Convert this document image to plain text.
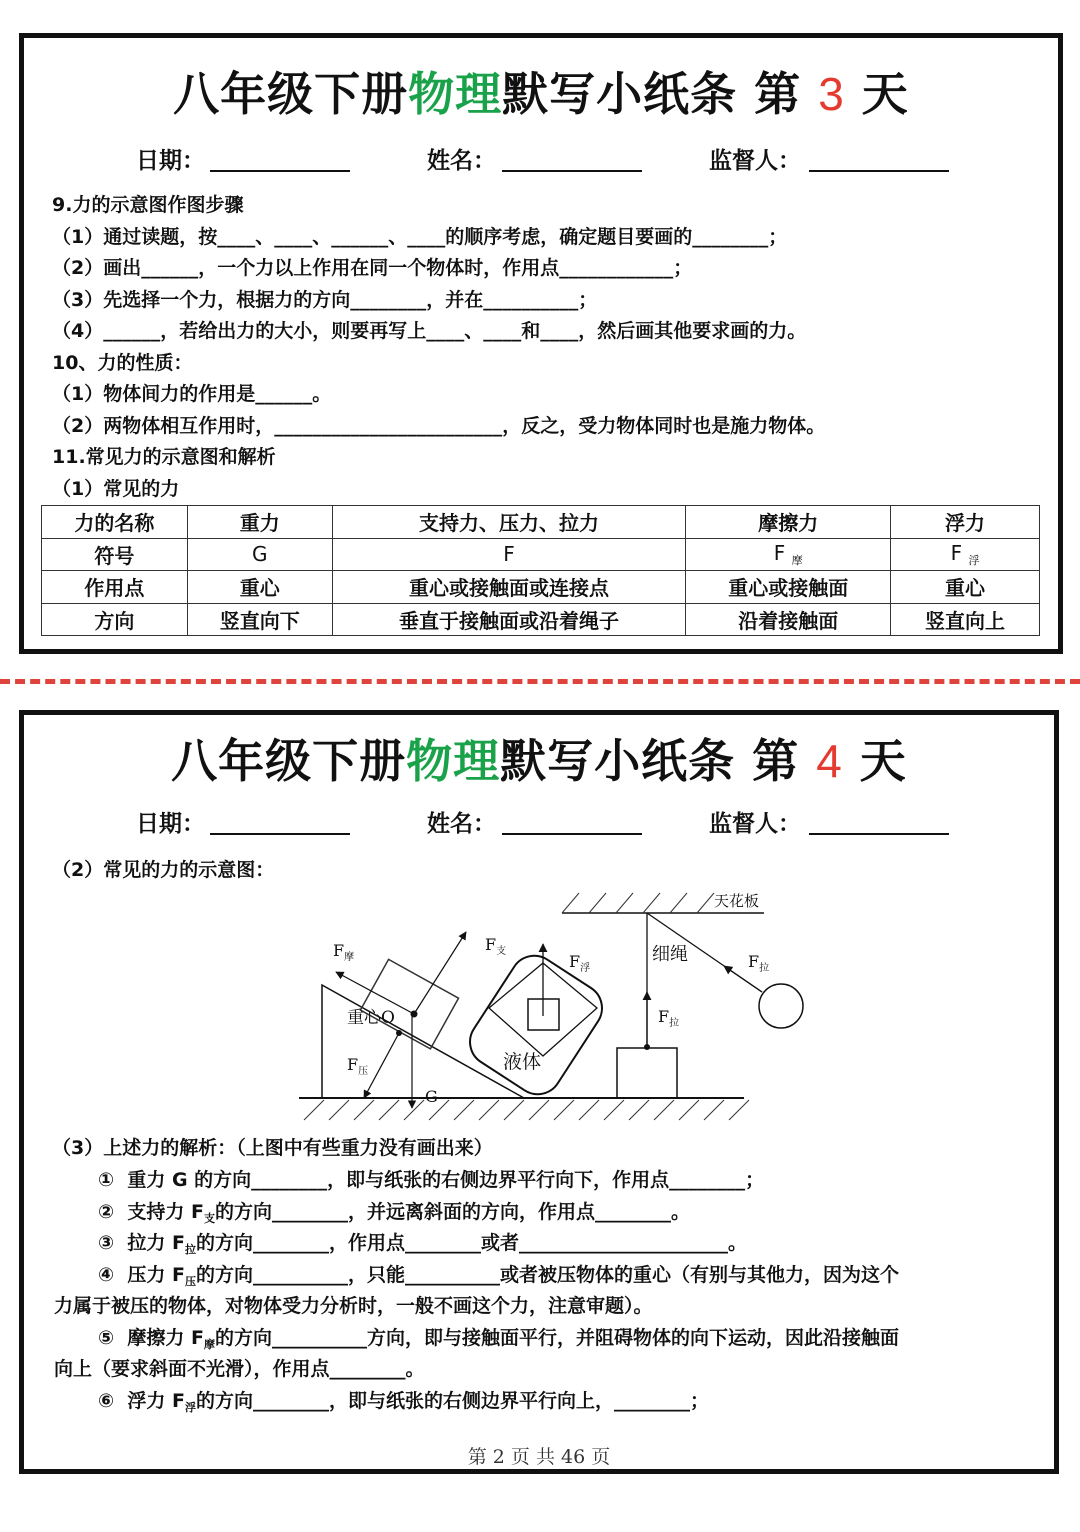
八年级下册物理默写小纸条 第 3 天
日期：	姓名：	监督人：
9.力的示意图作图步骤
（1）通过读题，按____、____、______、____的顺序考虑，确定题目要画的________；
（2）画出______，一个力以上作用在同一个物体时，作用点____________；
（3）先选择一个力，根据力的方向________，并在__________；
（4）______，若给出力的大小，则要再写上____、____和____，然后画其他要求画的力。
10、力的性质：
（1）物体间力的作用是______。
（2）两物体相互作用时，________________________，反之，受力物体同时也是施力物体。
11.常见力的示意图和解析
（1）常见的力
力的名称	重力	支持力、压力、拉力	摩擦力	浮力
符号	G	F	F $_摩$	F $_浮$
作用点	重心	重心或接触面或连接点	重心或接触面	重心
方向	竖直向下	垂直于接触面或沿着绳子	沿着接触面	竖直向上
八年级下册物理默写小纸条 第 4 天
日期：	姓名：	监督人：
（2）常见的力的示意图：
天花板
重心O
$F_摩$
$F_支$
G
$F_压$	液体
$F_浮$
细绳
$F_拉$
$F_拉$
（3）上述力的解析：（上图中有些重力没有画出来）
① 重力 G 的方向________，即与纸张的右侧边界平行向下，作用点________；
② 支持力 $F_支$的方向________，并远离斜面的方向，作用点________。
③ 拉力 $F_拉$的方向________，作用点________或者______________________。
④ 压力 $F_压$的方向__________，只能__________或者被压物体的重心（有别与其他力，因为这个
力属于被压的物体，对物体受力分析时，一般不画这个力，注意审题）。
⑤ 摩擦力 $F_摩$的方向__________方向，即与接触面平行，并阻碍物体的向下运动，因此沿接触面
向上（要求斜面不光滑），作用点________。
⑥ 浮力 $F_浮$的方向________，即与纸张的右侧边界平行向上，________；
第 2 页 共 46 页
